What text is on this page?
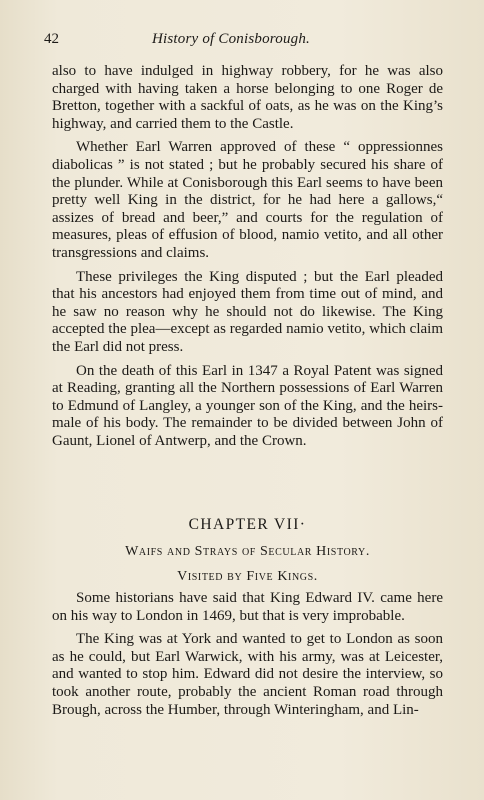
42	History of Conisborough.

also to have indulged in highway robbery, for he was also charged with having taken a horse belonging to one Roger de Bretton, together with a sackful of oats, as he was on the King’s highway, and carried them to the Castle.

Whether Earl Warren approved of these “ oppressionnes diabolicas ” is not stated ; but he probably secured his share of the plunder. While at Conisborough this Earl seems to have been pretty well King in the district, for he had here a gallows,“ assizes of bread and beer,” and courts for the regulation of measures, pleas of effusion of blood, namio vetito, and all other transgressions and claims.

These privileges the King disputed ; but the Earl pleaded that his ancestors had enjoyed them from time out of mind, and he saw no reason why he should not do likewise. The King accepted the plea—except as regarded namio vetito, which claim the Earl did not press.

On the death of this Earl in 1347 a Royal Patent was signed at Reading, granting all the Northern possessions of Earl Warren to Edmund of Langley, a younger son of the King, and the heirs-male of his body. The remainder to be divided between John of Gaunt, Lionel of Antwerp, and the Crown.

CHAPTER VII·
Waifs and Strays of Secular History.
Visited by Five Kings.

Some historians have said that King Edward IV. came here on his way to London in 1469, but that is very improbable.

The King was at York and wanted to get to London as soon as he could, but Earl Warwick, with his army, was at Leicester, and wanted to stop him. Edward did not desire the interview, so took another route, probably the ancient Roman road through Brough, across the Humber, through Winteringham, and Lin-
